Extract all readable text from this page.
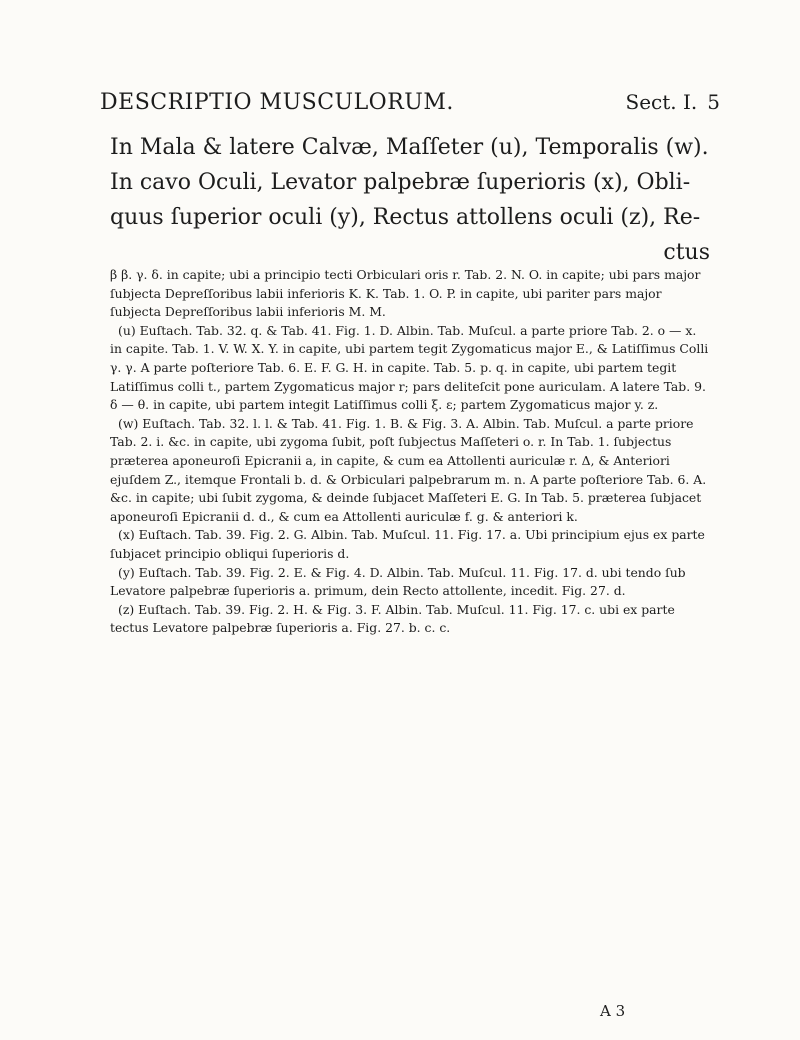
DESCRIPTIO MUSCULORUM.	Sect. I. 5

In Mala & latere Calvæ, Maſſeter (u), Temporalis (w). In cavo Oculi, Levator palpebræ ſuperioris (x), Obli- quus ſuperior oculi (y), Rectus attollens oculi (z), Re-
ctus

β β. γ. δ. in capite; ubi a principio tecti Orbiculari oris r. Tab. 2. N. O. in capite; ubi pars major ſubjecta Depreſſoribus labii inferioris K. K. Tab. 1. O. P. in capite, ubi pariter pars major ſubjecta Depreſſoribus labii inferioris M. M.

(u) Euſtach. Tab. 32. q. & Tab. 41. Fig. 1. D. Albin. Tab. Muſcul. a parte priore Tab. 2. o — x. in capite. Tab. 1. V. W. X. Y. in capite, ubi partem tegit Zygomaticus major E., & Latiſſimus Colli γ. γ. A parte poſteriore Tab. 6. E. F. G. H. in capite. Tab. 5. p. q. in capite, ubi partem tegit Latiſſimus colli t., partem Zygomaticus major r; pars deliteſcit pone auriculam. A latere Tab. 9. δ — θ. in capite, ubi partem integit Latiſſimus colli ξ. ε; partem Zygomaticus major y. z.

(w) Euſtach. Tab. 32. l. l. & Tab. 41. Fig. 1. B. & Fig. 3. A. Albin. Tab. Muſcul. a parte priore Tab. 2. i. &c. in capite, ubi zygoma ſubit, poſt ſubjectus Maſſeteri o. r. In Tab. 1. ſubjectus præterea aponeuroſi Epicranii a, in capite, & cum ea Attollenti auriculæ r. Δ, & Anteriori ejuſdem Z., itemque Frontali b. d. & Orbiculari palpebrarum m. n. A parte poſteriore Tab. 6. A. &c. in capite; ubi ſubit zygoma, & deinde ſubjacet Maſſeteri E. G. In Tab. 5. præterea ſubjacet aponeuroſi Epicranii d. d., & cum ea Attollenti auriculæ f. g. & anteriori k.

(x) Euſtach. Tab. 39. Fig. 2. G. Albin. Tab. Muſcul. 11. Fig. 17. a. Ubi principium ejus ex parte ſubjacet principio obliqui ſuperioris d.

(y) Euſtach. Tab. 39. Fig. 2. E. & Fig. 4. D. Albin. Tab. Muſcul. 11. Fig. 17. d. ubi tendo ſub Levatore palpebræ ſuperioris a. primum, dein Recto attollente, incedit. Fig. 27. d.

(z) Euſtach. Tab. 39. Fig. 2. H. & Fig. 3. F. Albin. Tab. Muſcul. 11. Fig. 17. c. ubi ex parte tectus Levatore palpebræ ſuperioris a. Fig. 27. b. c. c.

A 3
